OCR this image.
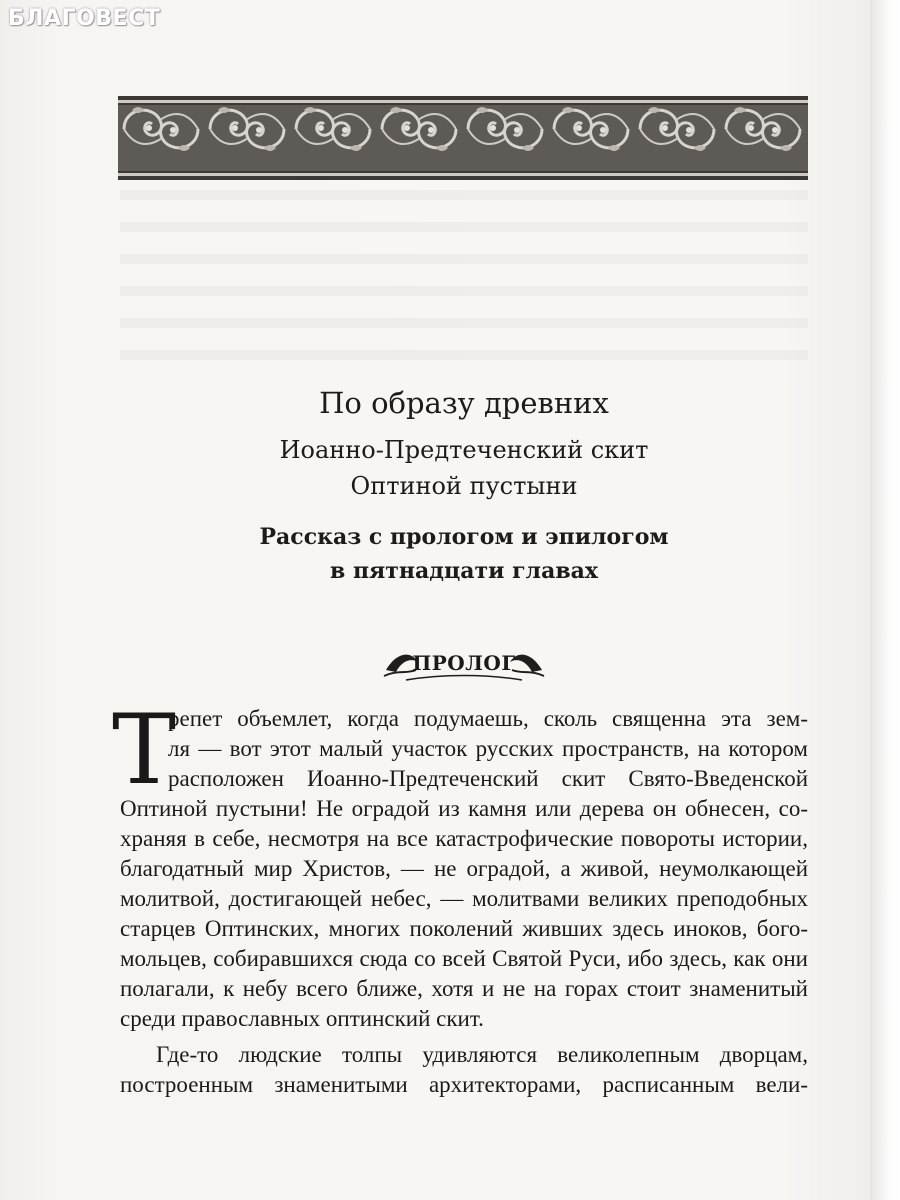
По образу древних
Иоанно-Предтеченский скит
Оптиной пустыни
Рассказ с прологом и эпилогом
в пятнадцати главах
ПРОЛОГ
Т
репет объемлет, когда подумаешь, сколь священна эта зем-
ля — вот этот малый участок русских пространств, на котором
расположен Иоанно-Предтеченский скит Свято-Введенской
Оптиной пустыни! Не оградой из камня или дерева он обнесен, со-
храняя в себе, несмотря на все катастрофические повороты истории,
благодатный мир Христов, — не оградой, а живой, неумолкающей
молитвой, достигающей небес, — молитвами великих преподобных
старцев Оптинских, многих поколений живших здесь иноков, бого-
мольцев, собиравшихся сюда со всей Святой Руси, ибо здесь, как они
полагали, к небу всего ближе, хотя и не на горах стоит знаменитый
среди православных оптинский скит.
Где-то людские толпы удивляются великолепным дворцам,
построенным знаменитыми архитекторами, расписанным вели-
БЛАГОВЕСТ
